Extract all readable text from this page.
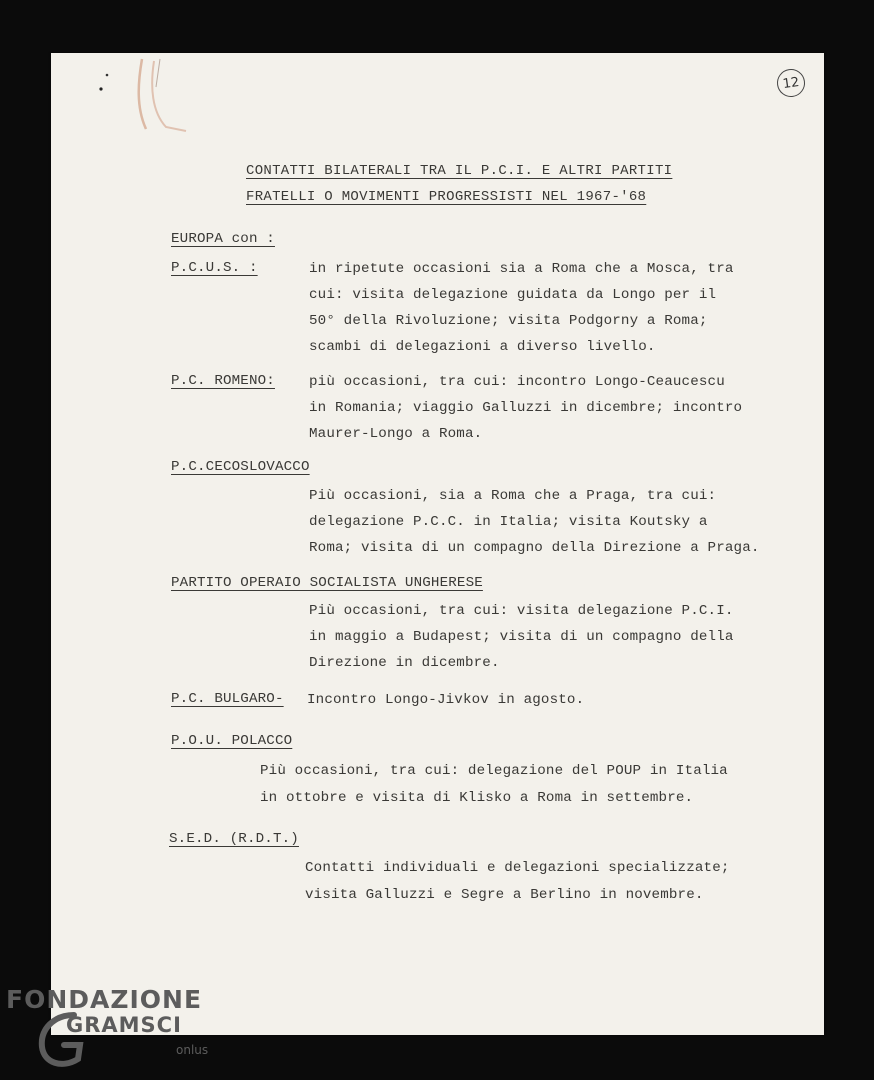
12
CONTATTI BILATERALI TRA IL P.C.I. E ALTRI PARTITI
FRATELLI O MOVIMENTI PROGRESSISTI NEL 1967-'68
EUROPA con :
P.C.U.S. :	in ripetute occasioni sia a Roma che a Mosca, tra
cui: visita delegazione guidata da Longo per il
50° della Rivoluzione; visita Podgorny a Roma;
scambi di delegazioni a diverso livello.
P.C. ROMENO: più occasioni, tra cui: incontro Longo-Ceaucescu
in Romania; viaggio Galluzzi in dicembre; incontro
Maurer-Longo a Roma.
P.C.CECOSLOVACCO
Più occasioni, sia a Roma che a Praga, tra cui:
delegazione P.C.C. in Italia; visita Koutsky a
Roma; visita di un compagno della Direzione a Praga.
PARTITO OPERAIO SOCIALISTA UNGHERESE
Più occasioni, tra cui: visita delegazione P.C.I.
in maggio a Budapest; visita di un compagno della
Direzione in dicembre.
P.C. BULGARO- Incontro Longo-Jivkov in agosto.
P.O.U. POLACCO
Più occasioni, tra cui: delegazione del POUP in Italia
in ottobre e visita di Klisko a Roma in settembre.
S.E.D. (R.D.T.)
Contatti individuali e delegazioni specializzate;
visita Galluzzi e Segre a Berlino in novembre.
FONDAZIONE
GRAMSCI
onlus
